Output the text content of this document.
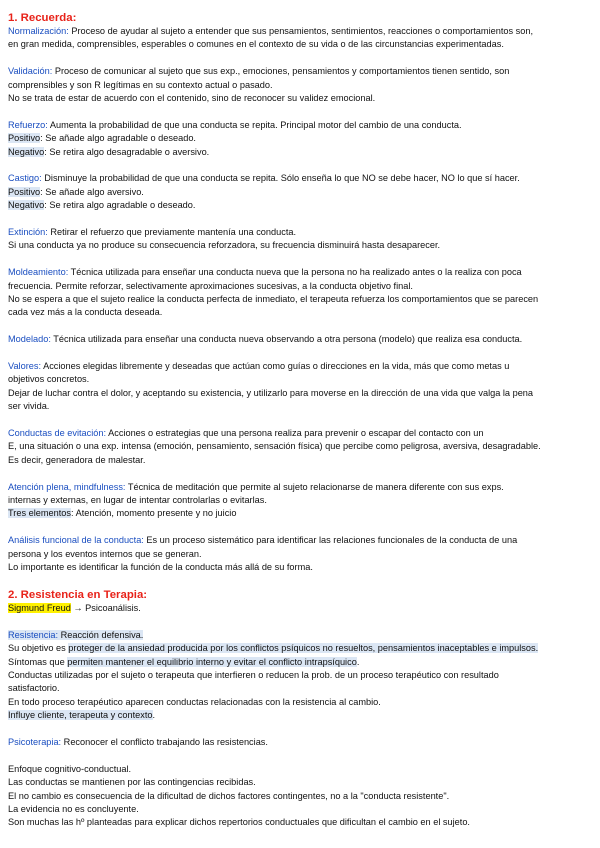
1. Recuerda:

Normalización: Proceso de ayudar al sujeto a entender que sus pensamientos, sentimientos, reacciones o comportamientos son,

en gran medida, comprensibles, esperables o comunes en el contexto de su vida o de las circunstancias experimentadas.

Validación: Proceso de comunicar al sujeto que sus exp., emociones, pensamientos y comportamientos tienen sentido, son

comprensibles y son R legítimas en su contexto actual o pasado.

No se trata de estar de acuerdo con el contenido, sino de reconocer su validez emocional.

Refuerzo: Aumenta la probabilidad de que una conducta se repita. Principal motor del cambio de una conducta.

Positivo: Se añade algo agradable o deseado.

Negativo: Se retira algo desagradable o aversivo.

Castigo: Disminuye la probabilidad de que una conducta se repita. Sólo enseña lo que NO se debe hacer, NO lo que sí hacer.

Positivo: Se añade algo aversivo.

Negativo: Se retira algo agradable o deseado.

Extinción: Retirar el refuerzo que previamente mantenía una conducta.

Si una conducta ya no produce su consecuencia reforzadora, su frecuencia disminuirá hasta desaparecer.

Moldeamiento: Técnica utilizada para enseñar una conducta nueva que la persona no ha realizado antes o la realiza con poca

frecuencia. Permite reforzar, selectivamente aproximaciones sucesivas, a la conducta objetivo final.

No se espera a que el sujeto realice la conducta perfecta de inmediato, el terapeuta refuerza los comportamientos que se parecen

cada vez más a la conducta deseada.

Modelado: Técnica utilizada para enseñar una conducta nueva observando a otra persona (modelo) que realiza esa conducta.

Valores: Acciones elegidas libremente y deseadas que actúan como guías o direcciones en la vida, más que como metas u

objetivos concretos.

Dejar de luchar contra el dolor, y aceptando su existencia, y utilizarlo para moverse en la dirección de una vida que valga la pena

ser vivida.

Conductas de evitación: Acciones o estrategias que una persona realiza para prevenir o escapar del contacto con un

E, una situación o una exp. intensa (emoción, pensamiento, sensación física) que percibe como peligrosa, aversiva, desagradable.

Es decir, generadora de malestar.

Atención plena, mindfulness: Técnica de meditación que permite al sujeto relacionarse de manera diferente con sus exps.

internas y externas, en lugar de intentar controlarlas o evitarlas.

Tres elementos: Atención, momento presente y no juicio

Análisis funcional de la conducta: Es un proceso sistemático para identificar las relaciones funcionales de la conducta de una

persona y los eventos internos que se generan.

Lo importante es identificar la función de la conducta más allá de su forma.

2. Resistencia en Terapia:

Sigmund Freud → Psicoanálisis.

Resistencia: Reacción defensiva.

Su objetivo es proteger de la ansiedad producida por los conflictos psíquicos no resueltos, pensamientos inaceptables e impulsos.

Síntomas que permiten mantener el equilibrio interno y evitar el conflicto intrapsíquico.

Conductas utilizadas por el sujeto o terapeuta que interfieren o reducen la prob. de un proceso terapéutico con resultado

satisfactorio.

En todo proceso terapéutico aparecen conductas relacionadas con la resistencia al cambio.

Influye cliente, terapeuta y contexto.

Psicoterapia: Reconocer el conflicto trabajando las resistencias.

Enfoque cognitivo-conductual.

Las conductas se mantienen por las contingencias recibidas.

El no cambio es consecuencia de la dificultad de dichos factores contingentes, no a la "conducta resistente".

La evidencia no es concluyente.

Son muchas las hº planteadas para explicar dichos repertorios conductuales que dificultan el cambio en el sujeto.
